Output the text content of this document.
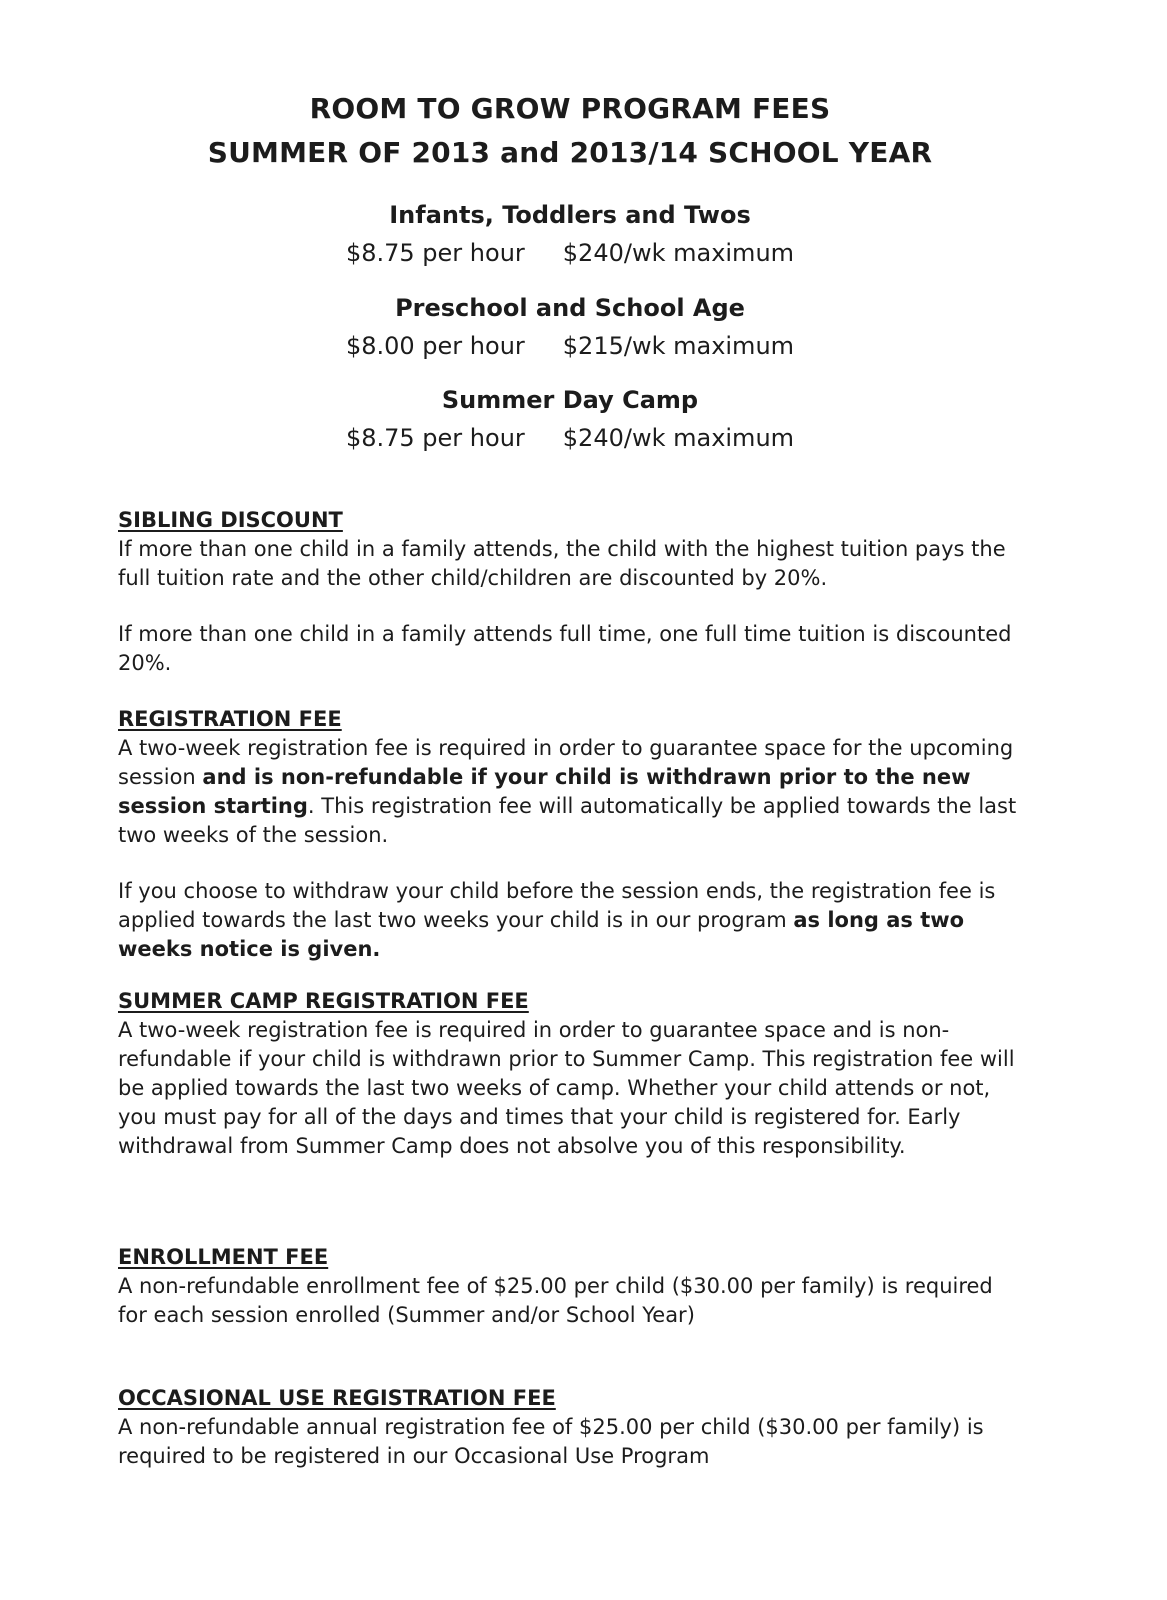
ROOM TO GROW PROGRAM FEES
SUMMER OF 2013 and 2013/14 SCHOOL YEAR
Infants, Toddlers and Twos
$8.75 per hour $240/wk maximum
Preschool and School Age
$8.00 per hour $215/wk maximum
Summer Day Camp
$8.75 per hour $240/wk maximum
SIBLING DISCOUNT

If more than one child in a family attends, the child with the highest tuition pays the full tuition rate and the other child/children are discounted by 20%.

If more than one child in a family attends full time, one full time tuition is discounted 20%.

REGISTRATION FEE

A two-week registration fee is required in order to guarantee space for the upcoming session and is non-refundable if your child is withdrawn prior to the new session starting. This registration fee will automatically be applied towards the last two weeks of the session.

If you choose to withdraw your child before the session ends, the registration fee is applied towards the last two weeks your child is in our program as long as two weeks notice is given.

SUMMER CAMP REGISTRATION FEE

A two-week registration fee is required in order to guarantee space and is non-refundable if your child is withdrawn prior to Summer Camp. This registration fee will be applied towards the last two weeks of camp. Whether your child attends or not, you must pay for all of the days and times that your child is registered for. Early withdrawal from Summer Camp does not absolve you of this responsibility.

ENROLLMENT FEE

A non-refundable enrollment fee of $25.00 per child ($30.00 per family) is required for each session enrolled (Summer and/or School Year)

OCCASIONAL USE REGISTRATION FEE

A non-refundable annual registration fee of $25.00 per child ($30.00 per family) is required to be registered in our Occasional Use Program
